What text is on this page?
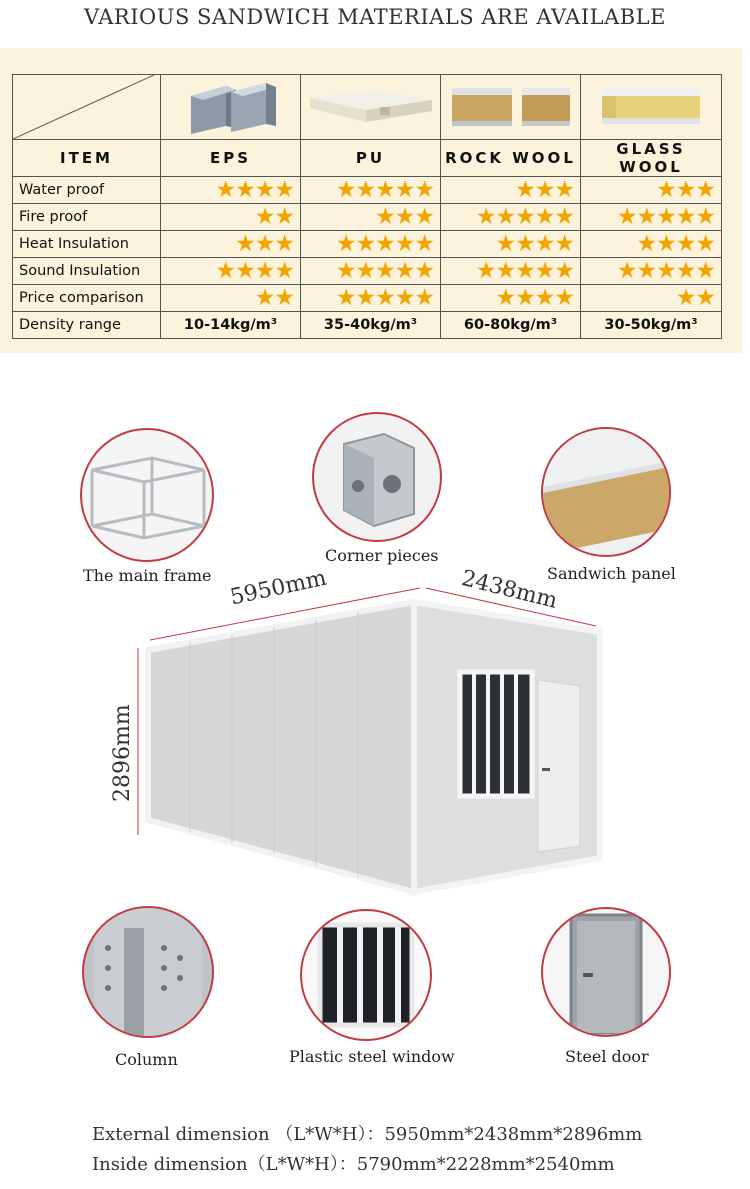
VARIOUS SANDWICH MATERIALS ARE AVAILABLE

ITEM	EPS	PU	ROCK WOOL	GLASS WOOL
Water proof	★★★★	★★★★★	★★★	★★★
Fire proof	★★	★★★	★★★★★	★★★★★
Heat Insulation	★★★	★★★★★	★★★★	★★★★
Sound Insulation	★★★★	★★★★★	★★★★★	★★★★★
Price comparison	★★	★★★★★	★★★★	★★
Density range	10-14kg/m³	35-40kg/m³	60-80kg/m³	30-50kg/m³
The main frame
Corner pieces
Sandwich panel
5950mm	2438mm
2896mm
Column	Plastic steel window	Steel door
External dimension （L*W*H）：5950mm*2438mm*2896mm
Inside dimension（L*W*H）：5790mm*2228mm*2540mm
